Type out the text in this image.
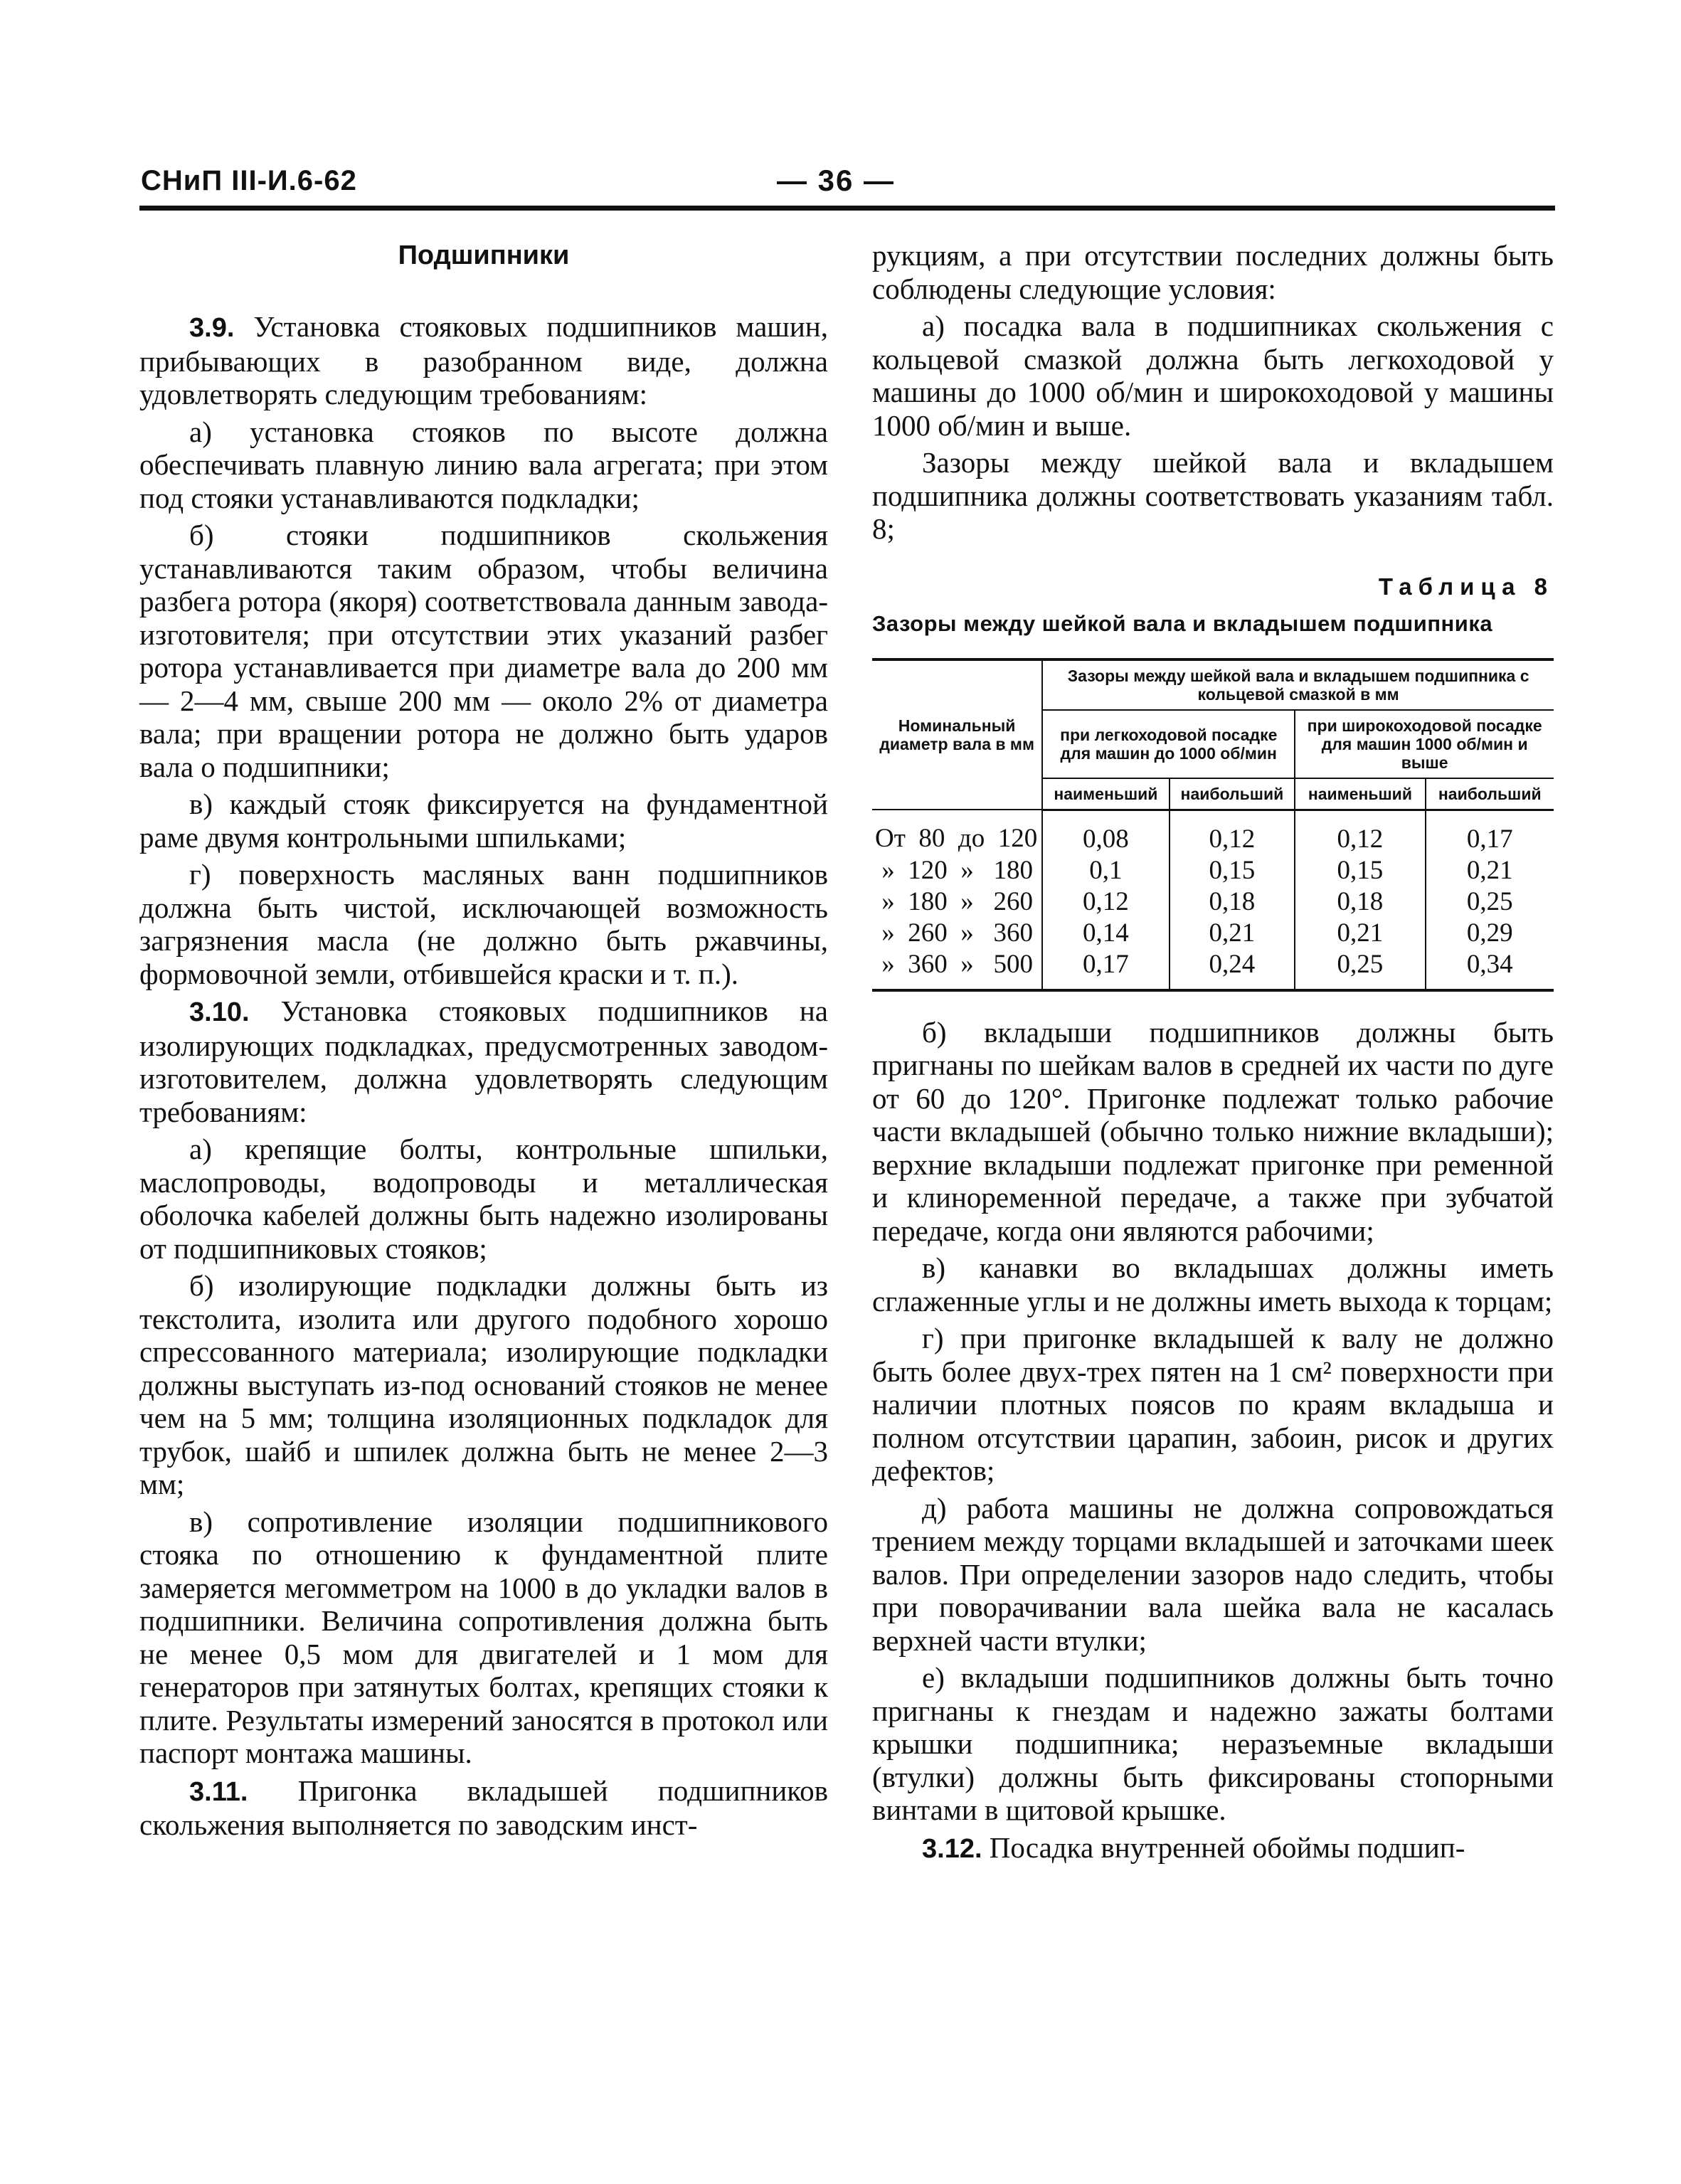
СНиП III-И.6-62	— 36 —
Подшипники

3.9. Установка стояковых подшипников машин, прибывающих в разобранном виде, должна удовлетворять следующим требованиям:

а) установка стояков по высоте должна обеспечивать плавную линию вала агрегата; при этом под стояки устанавливаются подкладки;

б) стояки подшипников скольжения устанавливаются таким образом, чтобы величина разбега ротора (якоря) соответствовала данным завода-изготовителя; при отсутствии этих указаний разбег ротора устанавливается при диаметре вала до 200 мм — 2—4 мм, свыше 200 мм — около 2% от диаметра вала; при вращении ротора не должно быть ударов вала о подшипники;

в) каждый стояк фиксируется на фундаментной раме двумя контрольными шпильками;

г) поверхность масляных ванн подшипников должна быть чистой, исключающей возможность загрязнения масла (не должно быть ржавчины, формовочной земли, отбившейся краски и т. п.).

3.10. Установка стояковых подшипников на изолирующих подкладках, предусмотренных заводом-изготовителем, должна удовлетворять следующим требованиям:

а) крепящие болты, контрольные шпильки, маслопроводы, водопроводы и металлическая оболочка кабелей должны быть надежно изолированы от подшипниковых стояков;

б) изолирующие подкладки должны быть из текстолита, изолита или другого подобного хорошо спрессованного материала; изолирующие подкладки должны выступать из-под оснований стояков не менее чем на 5 мм; толщина изоляционных подкладок для трубок, шайб и шпилек должна быть не менее 2—3 мм;

в) сопротивление изоляции подшипникового стояка по отношению к фундаментной плите замеряется мегомметром на 1000 в до укладки валов в подшипники. Величина сопротивления должна быть не менее 0,5 мом для двигателей и 1 мом для генераторов при затянутых болтах, крепящих стояки к плите. Результаты измерений заносятся в протокол или паспорт монтажа машины.

3.11. Пригонка вкладышей подшипников скольжения выполняется по заводским инст-

рукциям, а при отсутствии последних должны быть соблюдены следующие условия:

а) посадка вала в подшипниках скольжения с кольцевой смазкой должна быть легкоходовой у машины до 1000 об/мин и широкоходовой у машины 1000 об/мин и выше.

Зазоры между шейкой вала и вкладышем подшипника должны соответствовать указаниям табл. 8;

Таблица 8
Зазоры между шейкой вала и вкладышем подшипника
Номинальный диаметр вала в мм	Зазоры между шейкой вала и вкладышем подшипника с кольцевой смазкой в мм			
	при легкоходовой посадке для машин до 1000 об/мин		при широкоходовой посадке для машин 1000 об/мин и выше	
	наименьший	наибольший	наименьший	наибольший
От  80  до  120	0,08	0,12	0,12	0,17
»  120  »   180	0,1	0,15	0,15	0,21
»  180  »   260	0,12	0,18	0,18	0,25
»  260  »   360	0,14	0,21	0,21	0,29
»  360  »   500	0,17	0,24	0,25	0,34

б) вкладыши подшипников должны быть пригнаны по шейкам валов в средней их части по дуге от 60 до 120°. Пригонке подлежат только рабочие части вкладышей (обычно только нижние вкладыши); верхние вкладыши подлежат пригонке при ременной и клиноременной передаче, а также при зубчатой передаче, когда они являются рабочими;

в) канавки во вкладышах должны иметь сглаженные углы и не должны иметь выхода к торцам;

г) при пригонке вкладышей к валу не должно быть более двух-трех пятен на 1 см² поверхности при наличии плотных поясов по краям вкладыша и полном отсутствии царапин, забоин, рисок и других дефектов;

д) работа машины не должна сопровождаться трением между торцами вкладышей и заточками шеек валов. При определении зазоров надо следить, чтобы при поворачивании вала шейка вала не касалась верхней части втулки;

е) вкладыши подшипников должны быть точно пригнаны к гнездам и надежно зажаты болтами крышки подшипника; неразъемные вкладыши (втулки) должны быть фиксированы стопорными винтами в щитовой крышке.

3.12. Посадка внутренней обоймы подшип-
